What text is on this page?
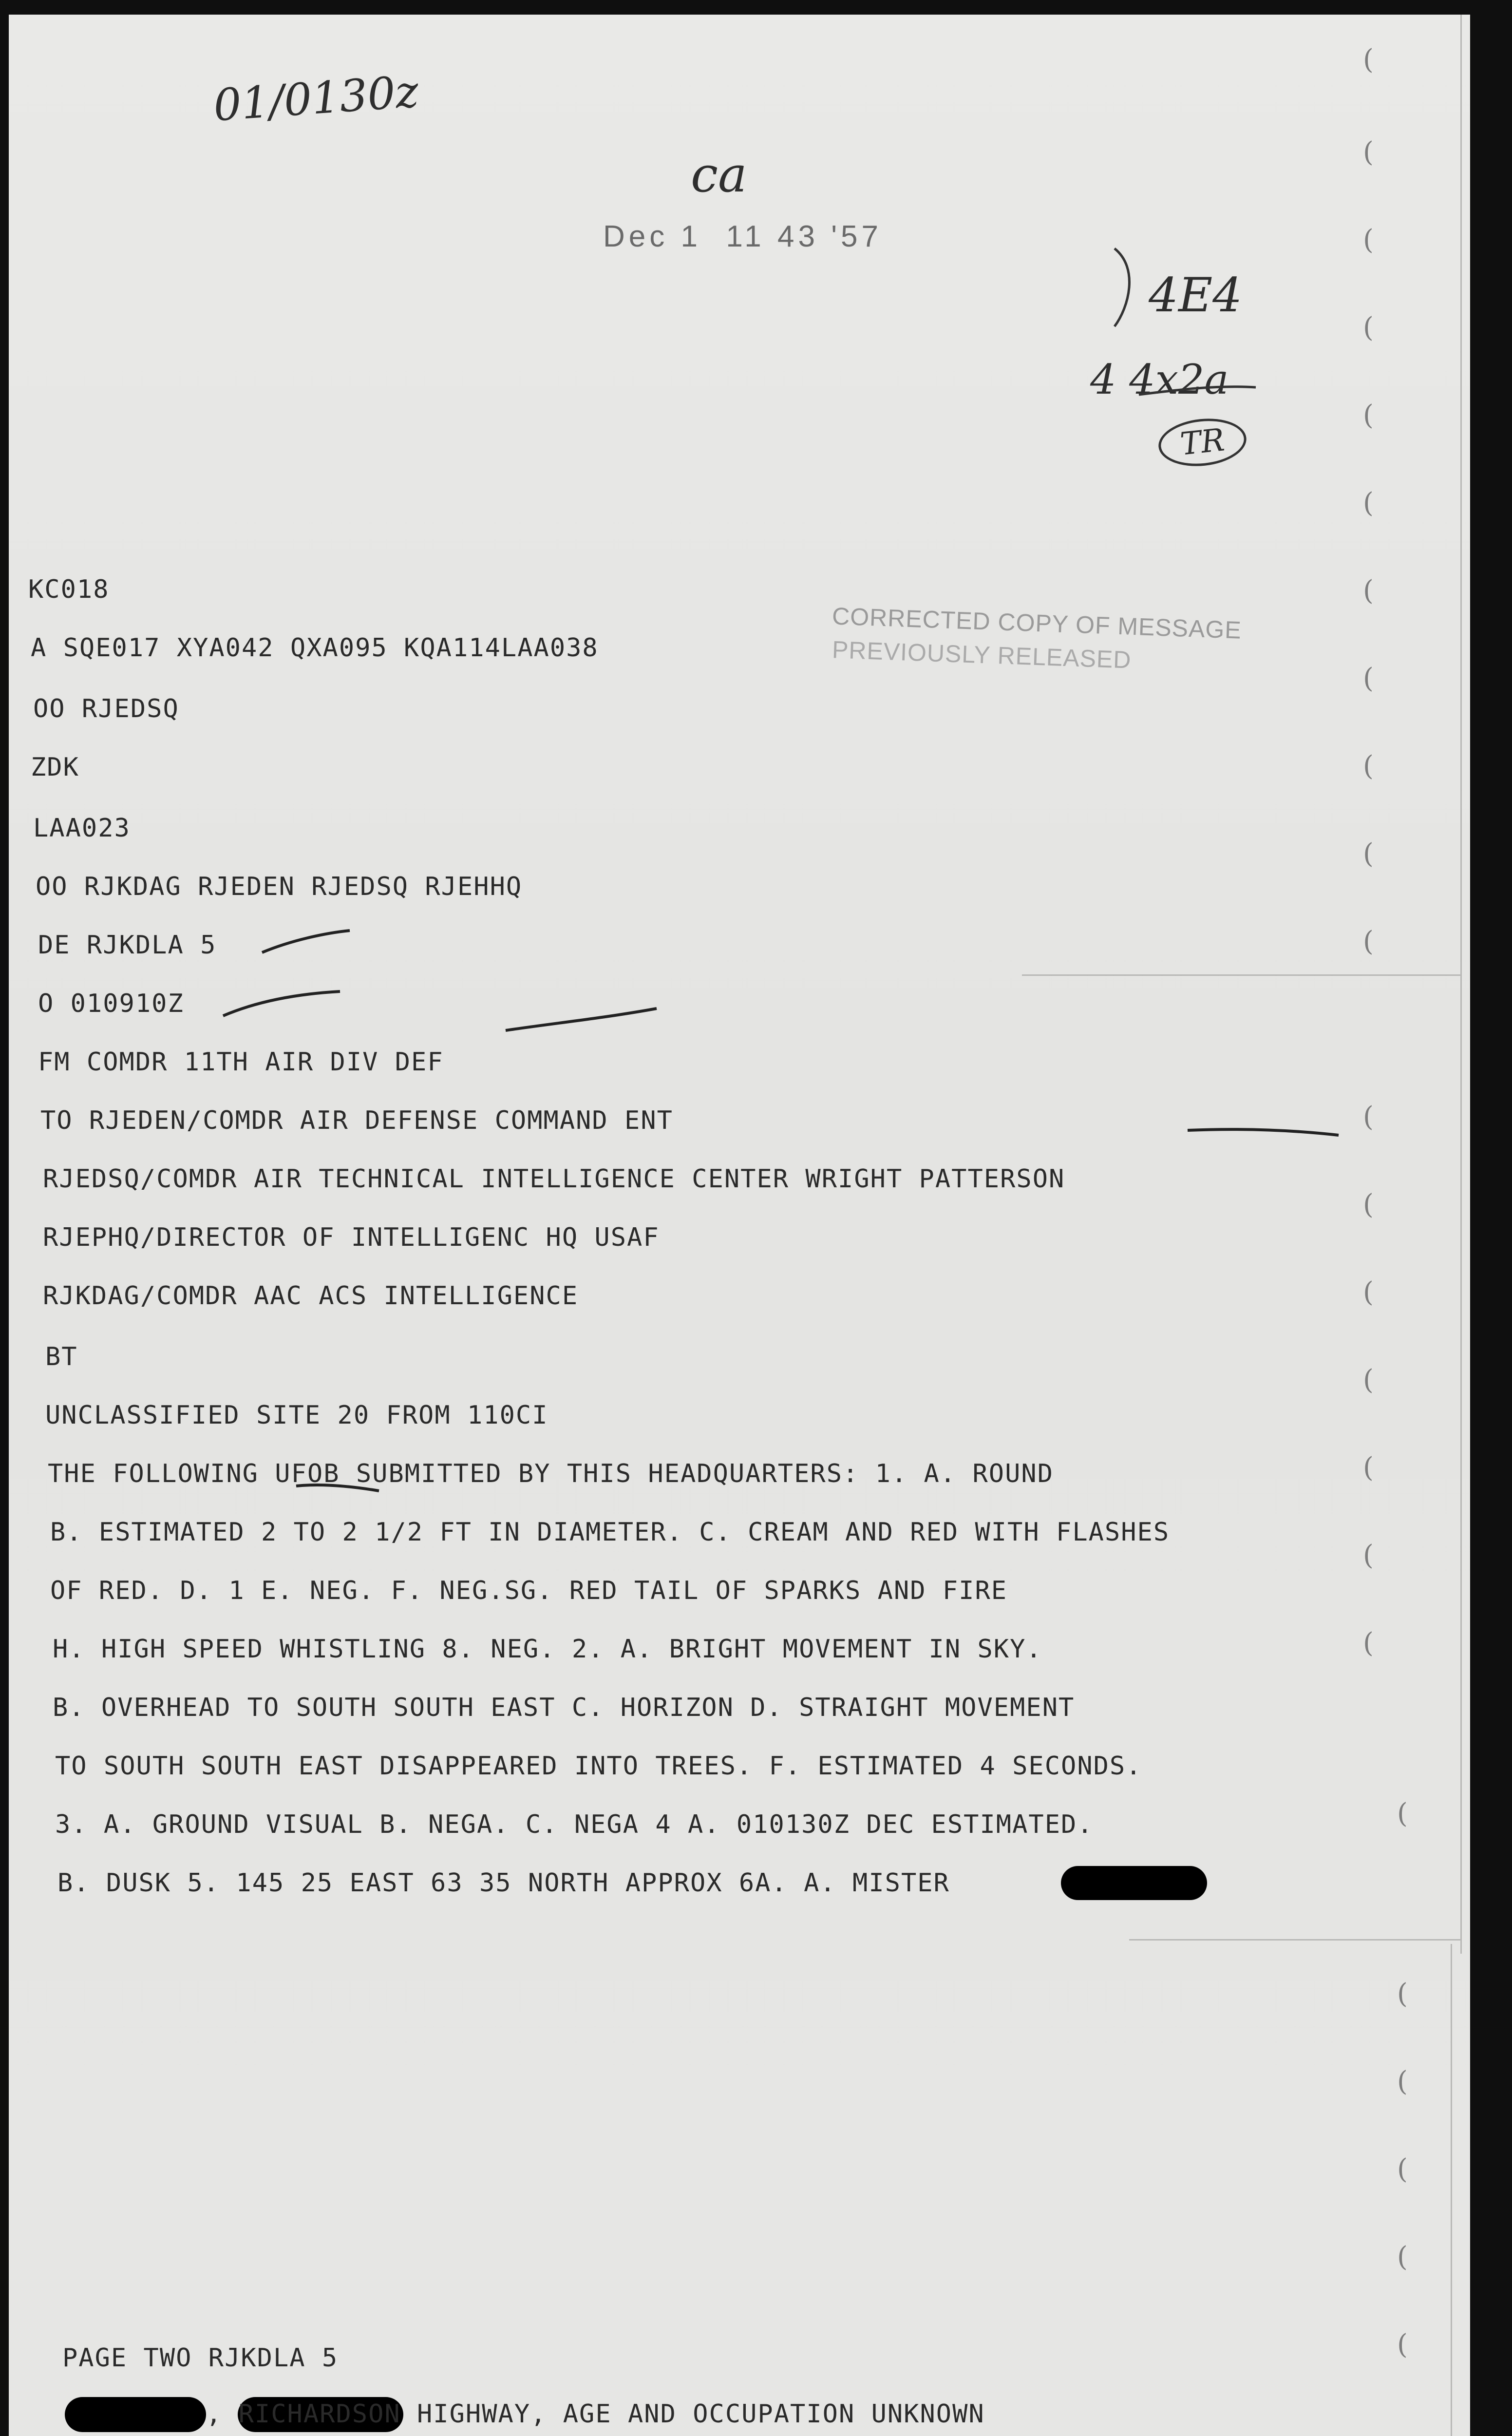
01/0130z
ca
4E4
4 4x2a
TR
Dec 1  11 43 '57
CORRECTED COPY OF MESSAGE
PREVIOUSLY RELEASED
KC018
A SQE017 XYA042 QXA095 KQA114LAA038
OO RJEDSQ
ZDK
LAA023
OO RJKDAG RJEDEN RJEDSQ RJEHHQ
DE RJKDLA 5
O 010910Z
FM COMDR 11TH AIR DIV DEF
TO RJEDEN/COMDR AIR DEFENSE COMMAND ENT
RJEDSQ/COMDR AIR TECHNICAL INTELLIGENCE CENTER WRIGHT PATTERSON
RJEPHQ/DIRECTOR OF INTELLIGENC HQ USAF
RJKDAG/COMDR AAC ACS INTELLIGENCE
BT
UNCLASSIFIED SITE 20 FROM 110CI
THE FOLLOWING UFOB SUBMITTED BY THIS HEADQUARTERS: 1. A. ROUND
B. ESTIMATED 2 TO 2 1/2 FT IN DIAMETER. C. CREAM AND RED WITH FLASHES
OF RED. D. 1 E. NEG. F. NEG.SG. RED TAIL OF SPARKS AND FIRE
H. HIGH SPEED WHISTLING 8. NEG. 2. A. BRIGHT MOVEMENT IN SKY.
B. OVERHEAD TO SOUTH SOUTH EAST C. HORIZON D. STRAIGHT MOVEMENT
TO SOUTH SOUTH EAST DISAPPEARED INTO TREES. F. ESTIMATED 4 SECONDS.
3. A. GROUND VISUAL B. NEGA. C. NEGA 4 A. 010130Z DEC ESTIMATED.
B. DUSK 5. 145 25 EAST 63 35 NORTH APPROX 6A. A. MISTER
PAGE TWO RJKDLA 5
, RICHARDSON HIGHWAY, AGE AND OCCUPATION UNKNOWN
(
(
(
(
(
(
(
(
(
(
(
(
(
(
(
(
(
(
(
(
(
(
(
(
